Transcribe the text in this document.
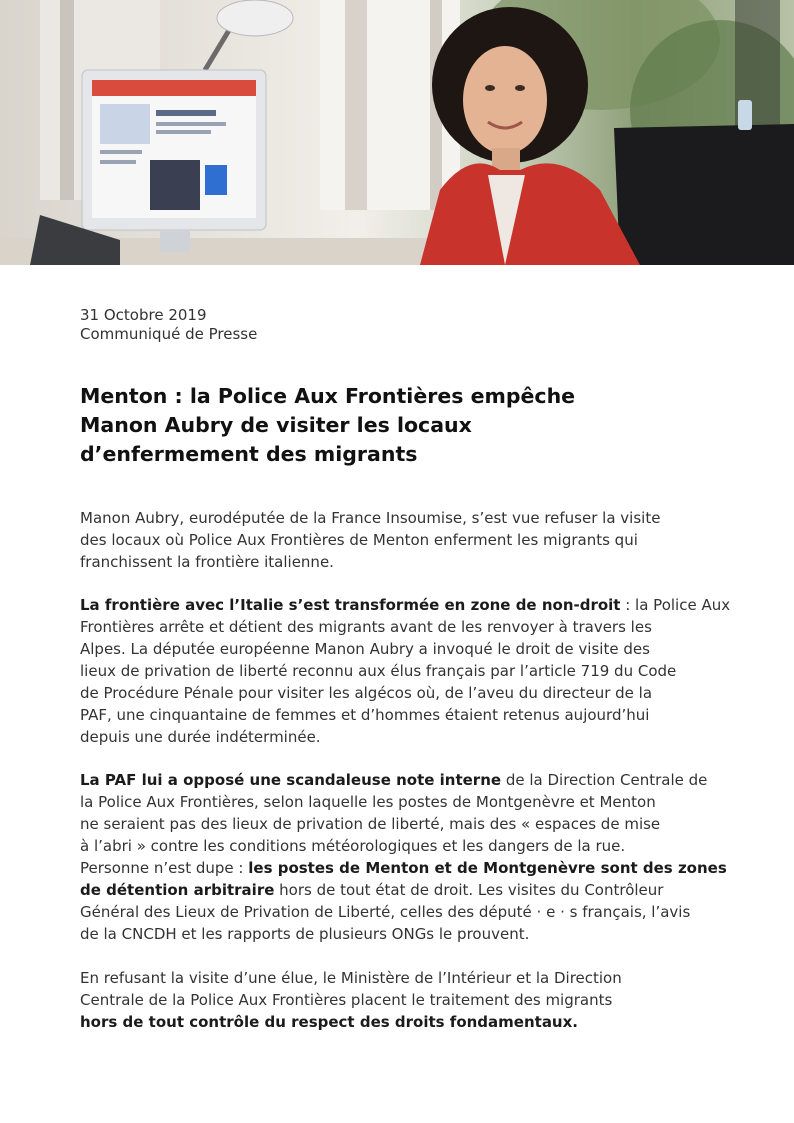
31 Octobre 2019
Communiqué de Presse
Menton : la Police Aux Frontières empêche
Manon Aubry de visiter les locaux
d’enfermement des migrants

Manon Aubry, eurodéputée de la France Insoumise, s’est vue refuser la visite
des locaux où Police Aux Frontières de Menton enferment les migrants qui
franchissent la frontière italienne.

La frontière avec l’Italie s’est transformée en zone de non-droit : la Police Aux
Frontières arrête et détient des migrants avant de les renvoyer à travers les
Alpes. La députée européenne Manon Aubry a invoqué le droit de visite des
lieux de privation de liberté reconnu aux élus français par l’article 719 du Code
de Procédure Pénale pour visiter les algécos où, de l’aveu du directeur de la
PAF, une cinquantaine de femmes et d’hommes étaient retenus aujourd’hui
depuis une durée indéterminée.

La PAF lui a opposé une scandaleuse note interne de la Direction Centrale de
la Police Aux Frontières, selon laquelle les postes de Montgenèvre et Menton
ne seraient pas des lieux de privation de liberté, mais des « espaces de mise
à l’abri » contre les conditions météorologiques et les dangers de la rue.
Personne n’est dupe : les postes de Menton et de Montgenèvre sont des zones
de détention arbitraire hors de tout état de droit. Les visites du Contrôleur
Général des Lieux de Privation de Liberté, celles des député · e · s français, l’avis
de la CNCDH et les rapports de plusieurs ONGs le prouvent.

En refusant la visite d’une élue, le Ministère de l’Intérieur et la Direction
Centrale de la Police Aux Frontières placent le traitement des migrants
hors de tout contrôle du respect des droits fondamentaux.
